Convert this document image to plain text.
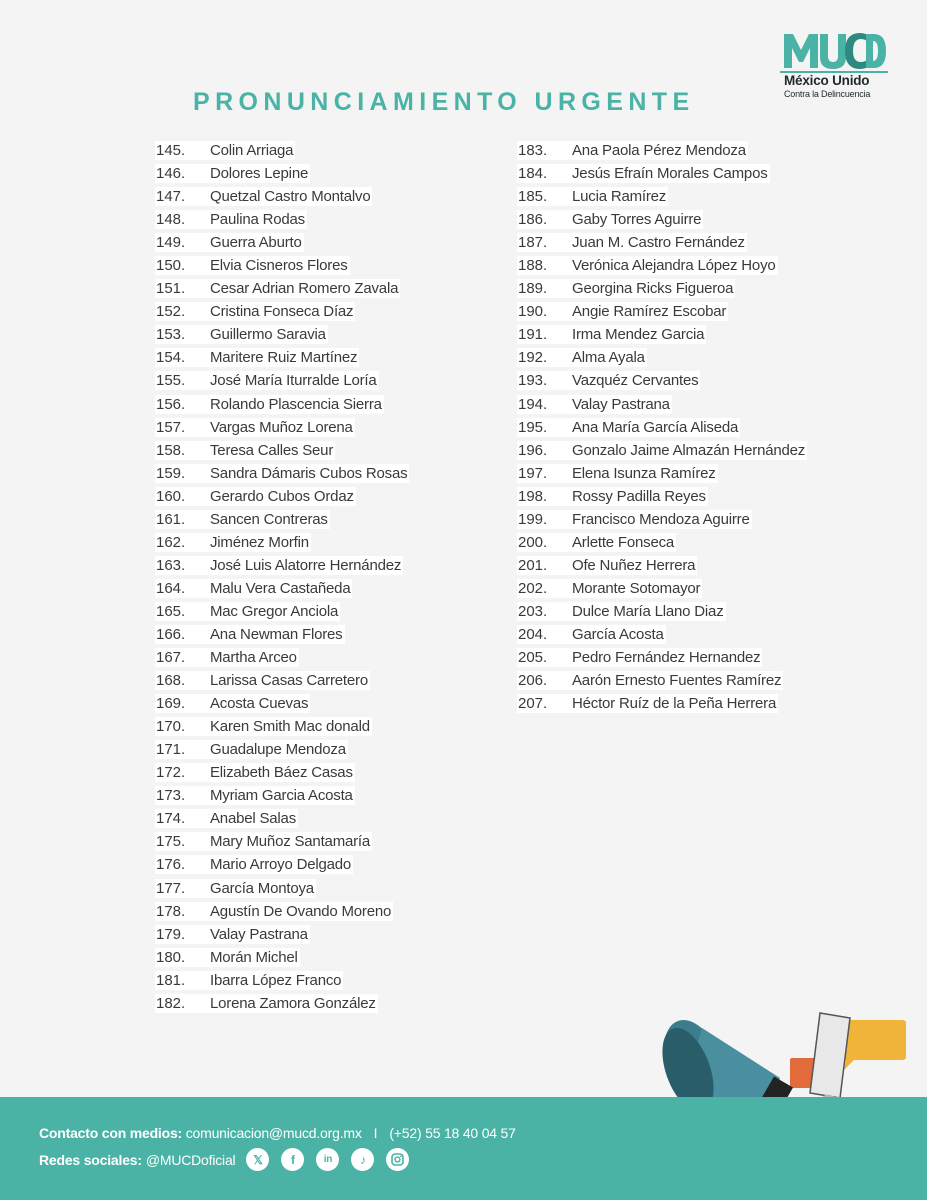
México Unido
Contra la Delincuencia
PRONUNCIAMIENTO URGENTE
145.	Colin Arriaga
146.	Dolores Lepine
147.	Quetzal Castro Montalvo
148.	Paulina Rodas
149.	Guerra Aburto
150.	Elvia Cisneros Flores
151.	Cesar Adrian Romero Zavala
152.	Cristina Fonseca Díaz
153.	Guillermo Saravia
154.	Maritere Ruiz Martínez
155.	José María Iturralde Loría
156.	Rolando Plascencia Sierra
157.	Vargas Muñoz Lorena
158.	Teresa Calles Seur
159.	Sandra Dámaris Cubos Rosas
160.	Gerardo Cubos Ordaz
161.	Sancen Contreras
162.	Jiménez Morfin
163.	José Luis Alatorre Hernández
164.	Malu Vera Castañeda
165.	Mac Gregor Anciola
166.	Ana Newman Flores
167.	Martha Arceo
168.	Larissa Casas Carretero
169.	Acosta Cuevas
170.	Karen Smith Mac donald
171.	Guadalupe Mendoza
172.	Elizabeth Báez Casas
173.	Myriam Garcia Acosta
174.	Anabel Salas
175.	Mary Muñoz Santamaría
176.	Mario Arroyo Delgado
177.	García Montoya
178.	Agustín De Ovando Moreno
179.	Valay Pastrana
180.	Morán Michel
181.	Ibarra López Franco
182.	Lorena Zamora González
183.	Ana Paola Pérez Mendoza
184.	Jesús Efraín Morales Campos
185.	Lucia Ramírez
186.	Gaby Torres Aguirre
187.	Juan M. Castro Fernández
188.	Verónica Alejandra López Hoyo
189.	Georgina Ricks Figueroa
190.	Angie Ramírez Escobar
191.	Irma Mendez Garcia
192.	Alma Ayala
193.	Vazquéz Cervantes
194.	Valay Pastrana
195.	Ana María García Aliseda
196.	Gonzalo Jaime Almazán Hernández
197.	Elena Isunza Ramírez
198.	Rossy Padilla Reyes
199.	Francisco Mendoza Aguirre
200.	Arlette Fonseca
201.	Ofe Nuñez Herrera
202.	Morante Sotomayor
203.	Dulce María Llano Diaz
204.	García Acosta
205.	Pedro Fernández Hernandez
206.	Aarón Ernesto Fuentes Ramírez
207.	Héctor Ruíz de la Peña Herrera
Contacto con medios: comunicacion@mucd.org.mx I (+52) 55 18 40 04 57
Redes sociales: @MUCDoficial	𝕏	f	in	♪
